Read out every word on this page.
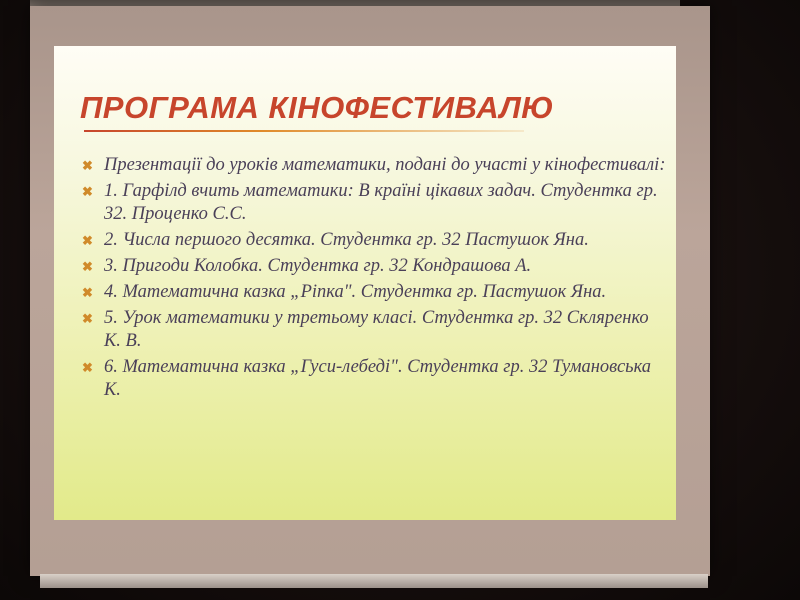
ПРОГРАМА КІНОФЕСТИВАЛЮ
✖ Презентації до уроків математики, подані до участі у кінофестивалі:
✖ 1. Гарфілд вчить математики: В країні цікавих задач. Студентка гр. 32. Проценко С.С.
✖ 2. Числа першого десятка. Студентка гр. 32 Пастушок Яна.
✖ 3. Пригоди Колобка. Студентка гр. 32 Кондрашова А.
✖ 4. Математична казка „Ріпка". Студентка гр. Пастушок Яна.
✖ 5. Урок математики у третьому класі. Студентка гр. 32 Скляренко К. В.
✖ 6. Математична казка „Гуси-лебеді". Студентка гр. 32 Тумановська К.
